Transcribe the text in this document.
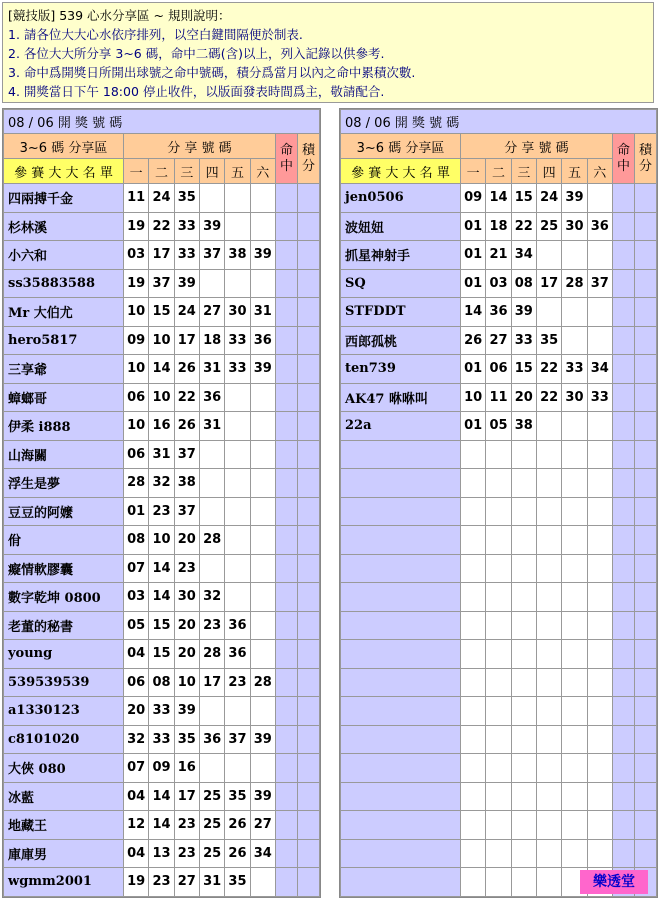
[競技版] 539 心水分享區 ~ 規則說明：
1. 請各位大大心水依序排列，以空白鍵間隔便於制表.
2. 各位大大所分享 3~6 碼，命中二碼(含)以上，列入記錄以供參考.
3. 命中爲開獎日所開出球號之命中號碼，積分爲當月以內之命中累積次數.
4. 開獎當日下午 18:00 停止收件，以版面發表時間爲主，敬請配合.
08 / 06 開 獎 號 碼								
3~6 碼 分享區	分 享 號 碼						命中	積分
參 賽 大 大 名 單	一	二	三	四	五	六		
四兩搏千金	11	24	35					
杉林溪	19	22	33	39				
小六和	03	17	33	37	38	39		
ss35883588	19	37	39					
Mr 大伯尤	10	15	24	27	30	31		
hero5817	09	10	17	18	33	36		
三享爺	10	14	26	31	33	39		
蟑螂哥	06	10	22	36				
伊柔 i888	10	16	26	31				
山海關	06	31	37					
浮生是夢	28	32	38					
豆豆的阿嬤	01	23	37					
佾	08	10	20	28				
癡情軟膠囊	07	14	23					
數字乾坤 0800	03	14	30	32				
老董的秘書	05	15	20	23	36			
young	04	15	20	28	36			
539539539	06	08	10	17	23	28		
a1330123	20	33	39					
c8101020	32	33	35	36	37	39		
大俠 080	07	09	16					
冰藍	04	14	17	25	35	39		
地藏王	12	14	23	25	26	27		
庫庫男	04	13	23	25	26	34		
wgmm2001	19	23	27	31	35			
08 / 06 開 獎 號 碼								
3~6 碼 分享區	分 享 號 碼						命中	積分
參 賽 大 大 名 單	一	二	三	四	五	六		
jen0506	09	14	15	24	39			
波妞妞	01	18	22	25	30	36		
抓星神射手	01	21	34					
SQ	01	03	08	17	28	37		
STFDDT	14	36	39					
西郎孤桃	26	27	33	35				
ten739	01	06	15	22	33	34		
AK47 咻咻叫	10	11	20	22	30	33		
22a	01	05	38					

樂透堂
